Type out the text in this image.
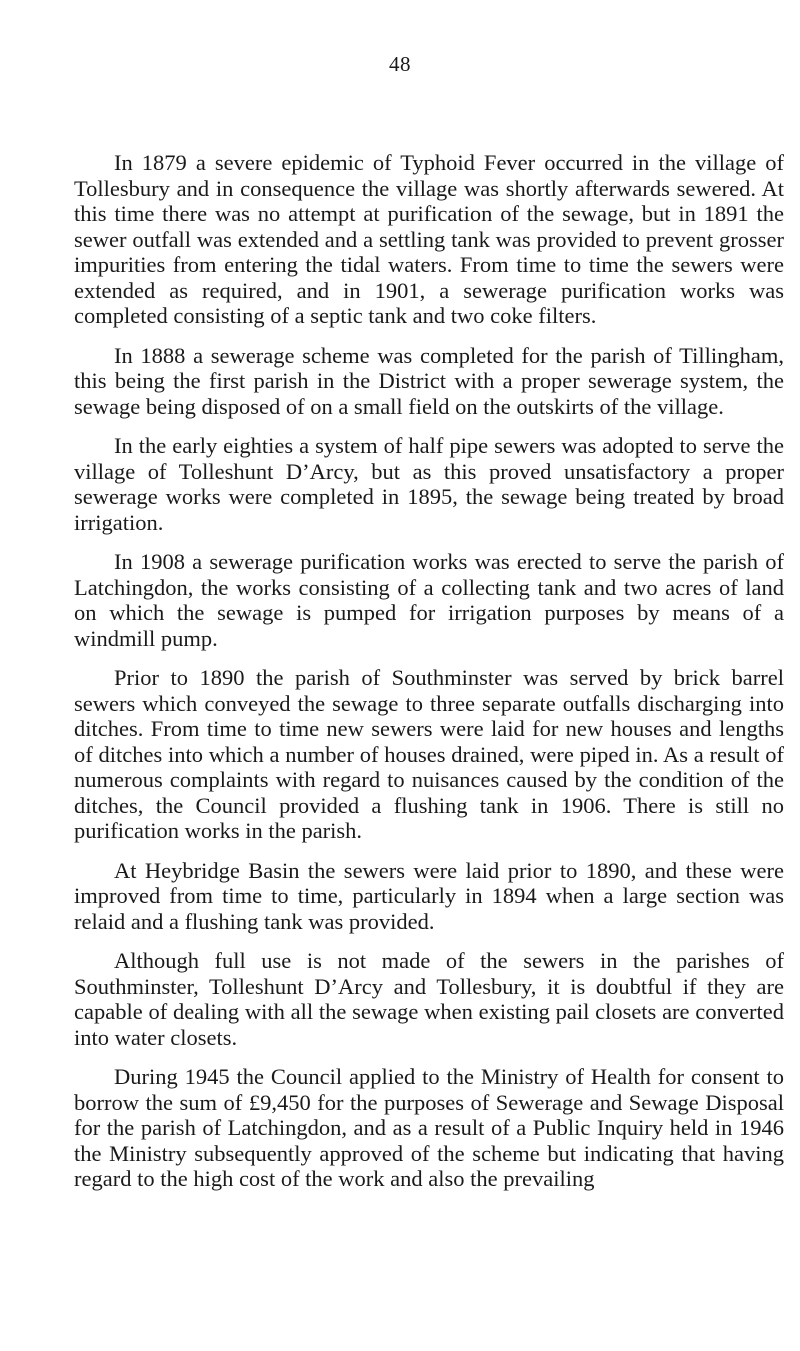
48

In 1879 a severe epidemic of Typhoid Fever occurred in the village of Tollesbury and in consequence the village was shortly afterwards sewered. At this time there was no attempt at purification of the sewage, but in 1891 the sewer outfall was extended and a settling tank was provided to prevent grosser impurities from entering the tidal waters. From time to time the sewers were extended as required, and in 1901, a sewerage purification works was completed consisting of a septic tank and two coke filters.

In 1888 a sewerage scheme was completed for the parish of Tillingham, this being the first parish in the District with a proper sewerage system, the sewage being disposed of on a small field on the outskirts of the village.

In the early eighties a system of half pipe sewers was adopted to serve the village of Tolleshunt D’Arcy, but as this proved unsatisfactory a proper sewerage works were completed in 1895, the sewage being treated by broad irrigation.

In 1908 a sewerage purification works was erected to serve the parish of Latchingdon, the works consisting of a collecting tank and two acres of land on which the sewage is pumped for irrigation purposes by means of a windmill pump.

Prior to 1890 the parish of Southminster was served by brick barrel sewers which conveyed the sewage to three separate outfalls discharging into ditches. From time to time new sewers were laid for new houses and lengths of ditches into which a number of houses drained, were piped in. As a result of numerous complaints with regard to nuisances caused by the condition of the ditches, the Council provided a flushing tank in 1906. There is still no purification works in the parish.

At Heybridge Basin the sewers were laid prior to 1890, and these were improved from time to time, particularly in 1894 when a large section was relaid and a flushing tank was provided.

Although full use is not made of the sewers in the parishes of Southminster, Tolleshunt D’Arcy and Tollesbury, it is doubtful if they are capable of dealing with all the sewage when existing pail closets are converted into water closets.

During 1945 the Council applied to the Ministry of Health for consent to borrow the sum of £9,450 for the purposes of Sewerage and Sewage Disposal for the parish of Latchingdon, and as a result of a Public Inquiry held in 1946 the Ministry subsequently approved of the scheme but indicating that having regard to the high cost of the work and also the prevailing
